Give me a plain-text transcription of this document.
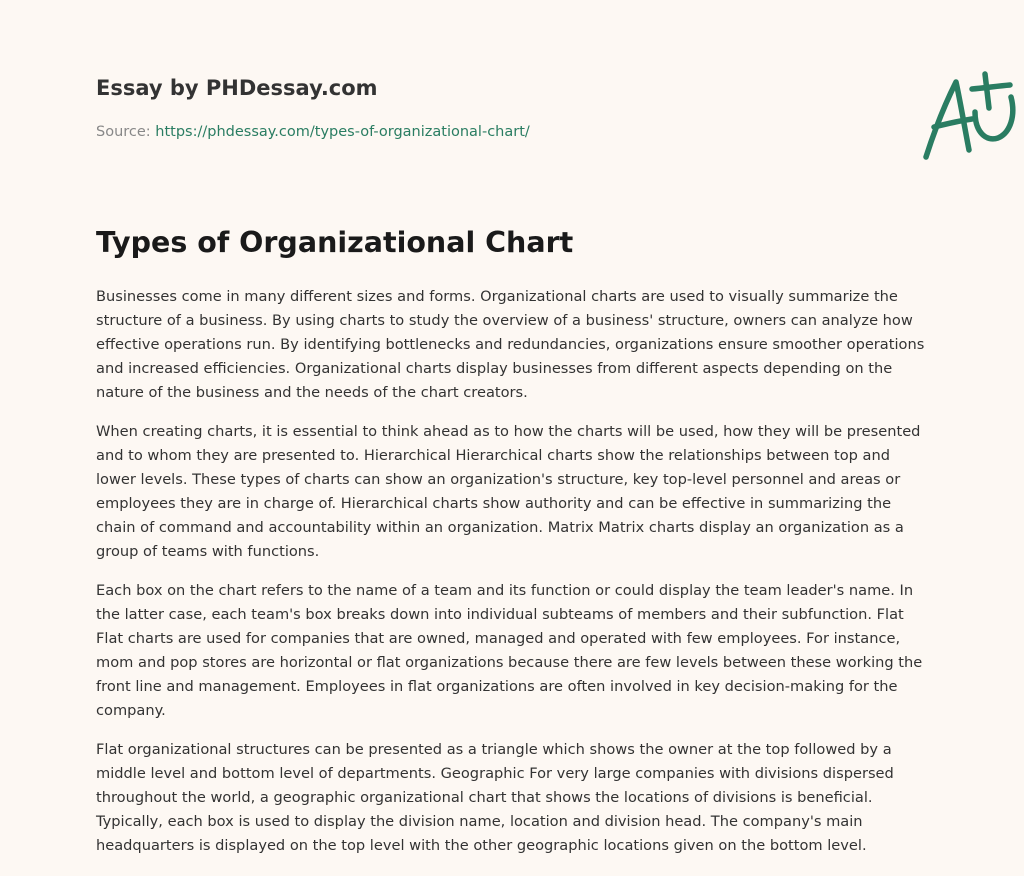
Essay by PHDessay.com
Source: https://phdessay.com/types-of-organizational-chart/
Types of Organizational Chart

Businesses come in many different sizes and forms. Organizational charts are used to visually summarize the structure of a business. By using charts to study the overview of a business' structure, owners can analyze how effective operations run. By identifying bottlenecks and redundancies, organizations ensure smoother operations and increased efficiencies. Organizational charts display businesses from different aspects depending on the nature of the business and the needs of the chart creators.

When creating charts, it is essential to think ahead as to how the charts will be used, how they will be presented and to whom they are presented to. Hierarchical Hierarchical charts show the relationships between top and lower levels. These types of charts can show an organization's structure, key top-level personnel and areas or employees they are in charge of. Hierarchical charts show authority and can be effective in summarizing the chain of command and accountability within an organization. Matrix Matrix charts display an organization as a group of teams with functions.

Each box on the chart refers to the name of a team and its function or could display the team leader's name. In the latter case, each team's box breaks down into individual subteams of members and their subfunction. Flat Flat charts are used for companies that are owned, managed and operated with few employees. For instance, mom and pop stores are horizontal or flat organizations because there are few levels between these working the front line and management. Employees in flat organizations are often involved in key decision-making for the company.

Flat organizational structures can be presented as a triangle which shows the owner at the top followed by a middle level and bottom level of departments. Geographic For very large companies with divisions dispersed throughout the world, a geographic organizational chart that shows the locations of divisions is beneficial. Typically, each box is used to display the division name, location and division head. The company's main headquarters is displayed on the top level with the other geographic locations given on the bottom level.
